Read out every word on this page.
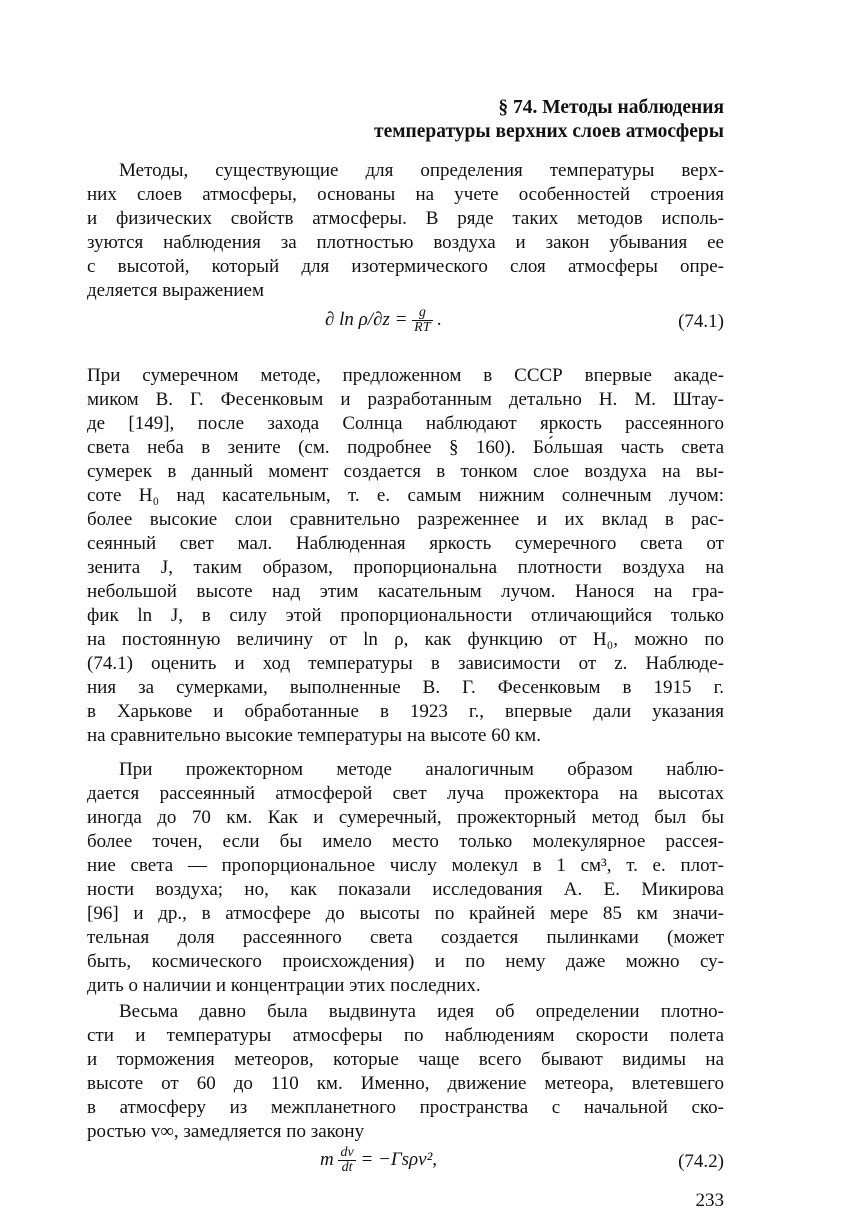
§ 74. Методы наблюдения
температуры верхних слоев атмосферы
Методы, существующие для определения температуры верх-
них слоев атмосферы, основаны на учете особенностей строения
и физических свойств атмосферы. В ряде таких методов исполь-
зуются наблюдения за плотностью воздуха и закон убывания ее
с высотой, который для изотермического слоя атмосферы опре-
деляется выражением
∂ $\ln \rho/\partial z = \frac{g}{RT}$ .	(74.1)
При сумеречном методе, предложенном в СССР впервые акаде-
миком В. Г. Фесенковым и разработанным детально Н. М. Штау-
де [149], после захода Солнца наблюдают яркость рассеянного
света неба в зените (см. подробнее § 160). Бо́льшая часть света
сумерек в данный момент создается в тонком слое воздуха на вы-
соте H₀ над касательным, т. е. самым нижним солнечным лучом:
более высокие слои сравнительно разреженнее и их вклад в рас-
сеянный свет мал. Наблюденная яркость сумеречного света от
зенита J, таким образом, пропорциональна плотности воздуха на
небольшой высоте над этим касательным лучом. Нанося на гра-
фик ln J, в силу этой пропорциональности отличающийся только
на постоянную величину от ln ρ, как функцию от H₀, можно по
(74.1) оценить и ход температуры в зависимости от z. Наблюде-
ния за сумерками, выполненные В. Г. Фесенковым в 1915 г.
в Харькове и обработанные в 1923 г., впервые дали указания
на сравнительно высокие температуры на высоте 60 км.
При прожекторном методе аналогичным образом наблю-
дается рассеянный атмосферой свет луча прожектора на высотах
иногда до 70 км. Как и сумеречный, прожекторный метод был бы
более точен, если бы имело место только молекулярное рассея-
ние света — пропорциональное числу молекул в 1 см³, т. е. плот-
ности воздуха; но, как показали исследования А. Е. Микирова
[96] и др., в атмосфере до высоты по крайней мере 85 км значи-
тельная доля рассеянного света создается пылинками (может
быть, космического происхождения) и по нему даже можно су-
дить о наличии и концентрации этих последних.
Весьма давно была выдвинута идея об определении плотно-
сти и температуры атмосферы по наблюдениям скорости полета
и торможения метеоров, которые чаще всего бывают видимы на
высоте от 60 до 110 км. Именно, движение метеора, влетевшего
в атмосферу из межпланетного пространства с начальной ско-
ростью v∞, замедляется по закону
m $\frac{dv}{dt} = -\Gamma s\rho v^2$,	(74.2)
233
